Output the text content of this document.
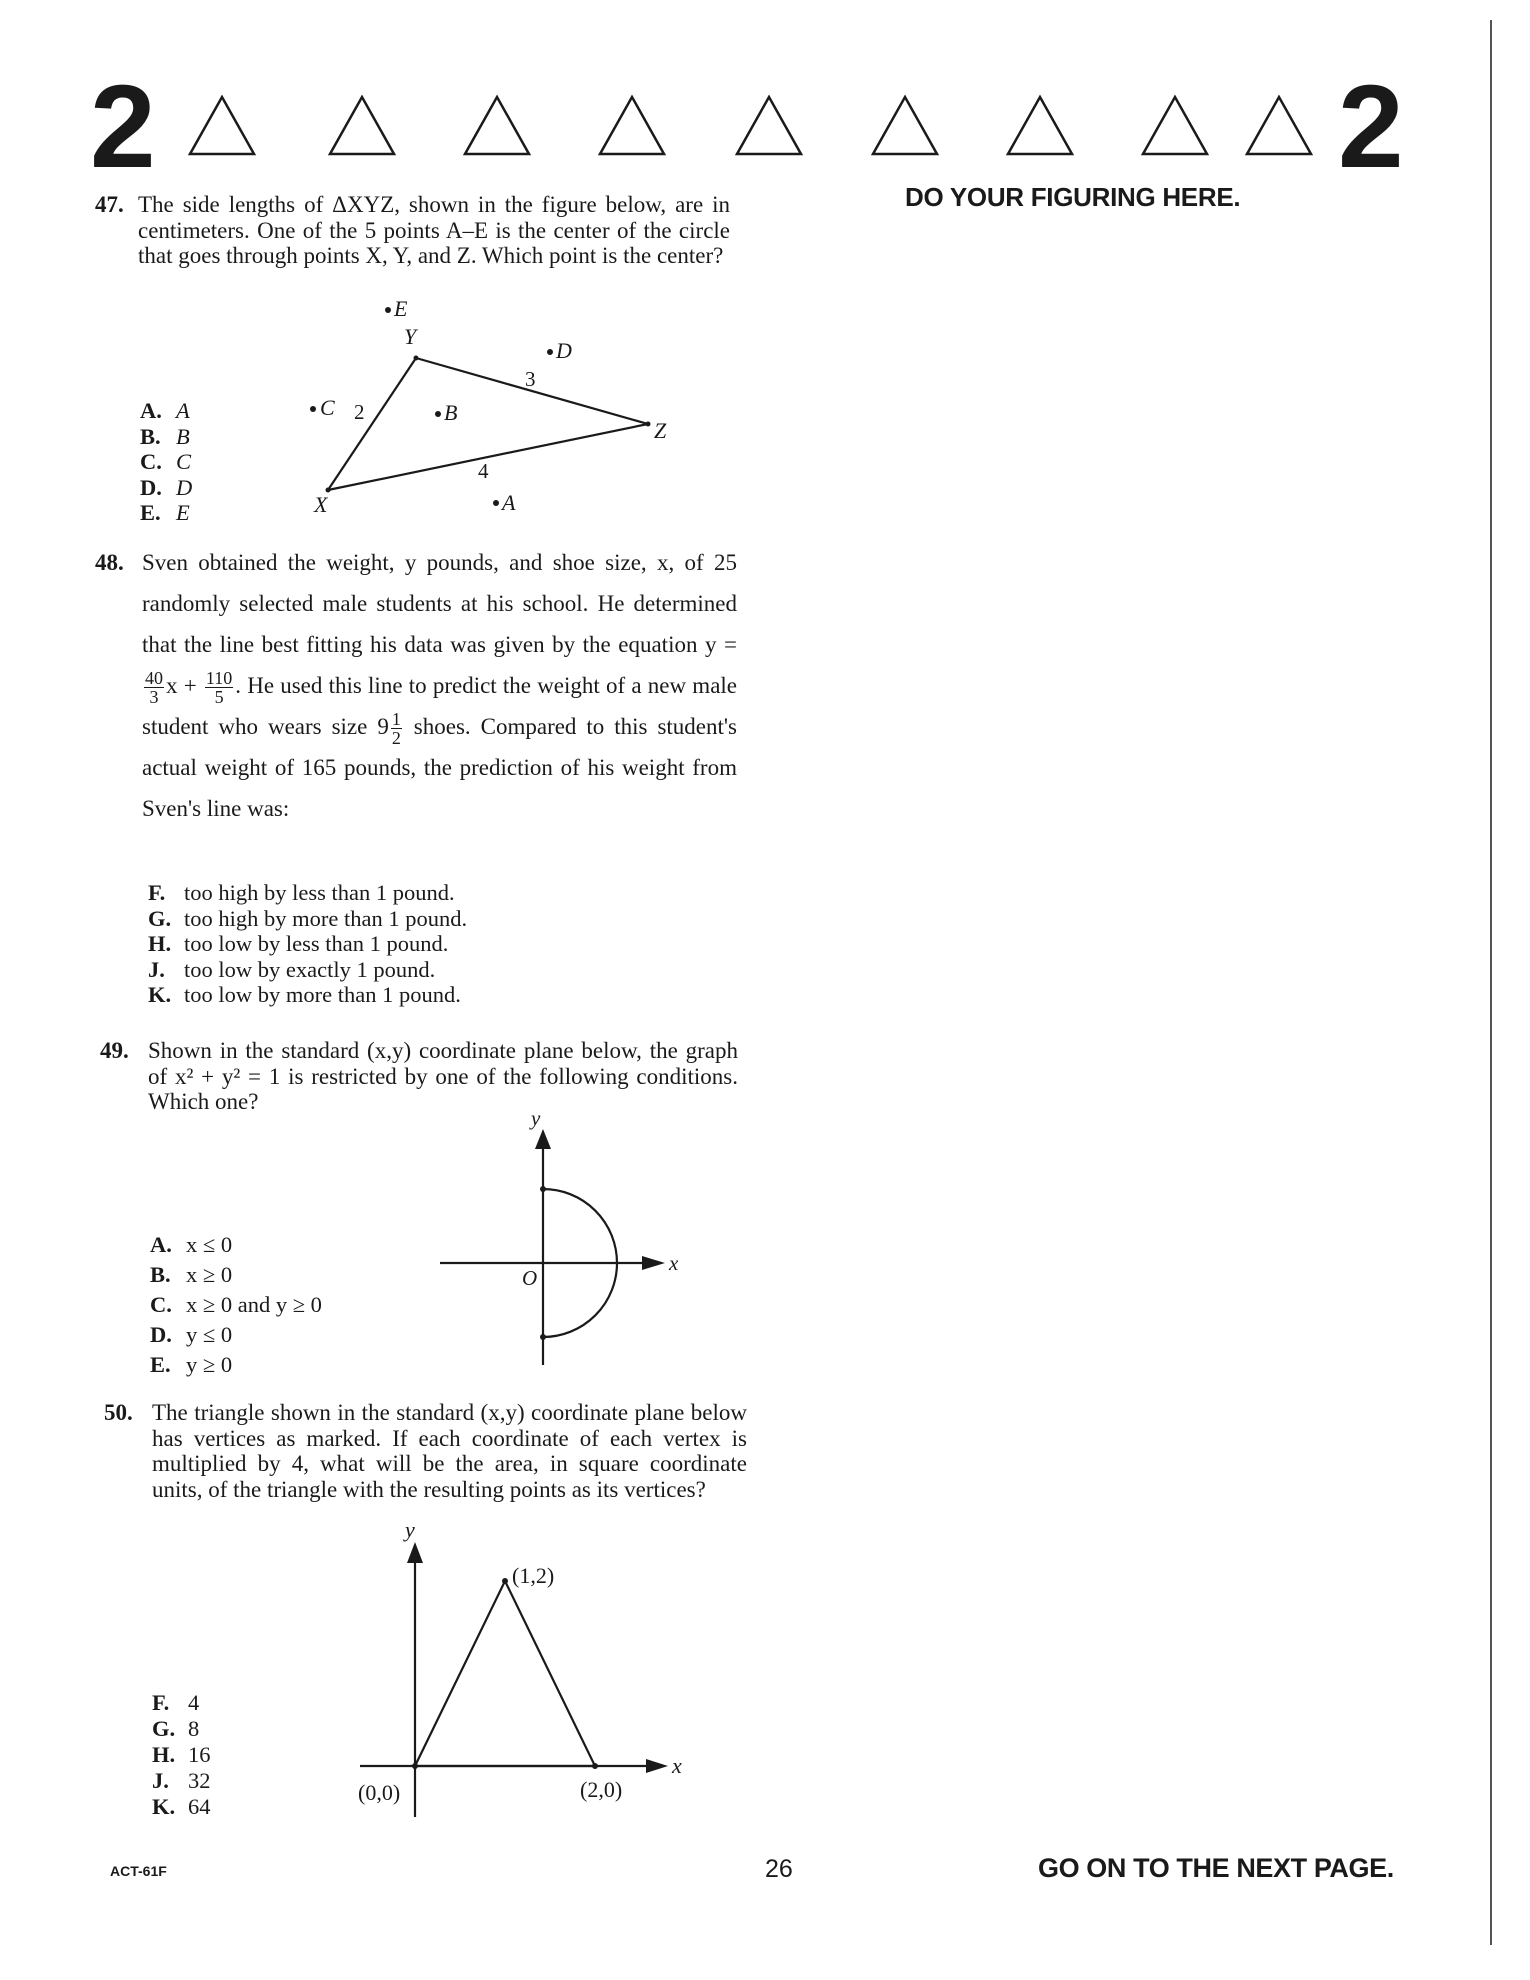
2	2
DO YOUR FIGURING HERE.
47. The side lengths of ΔXYZ, shown in the figure below, are in centimeters. One of the 5 points A–E is the center of the circle that goes through points X, Y, and Z. Which point is the center?
X
Y
Z
A
B
C
D
E
2
3
4
A. A
B. B
C. C
D. D
E. E
48. Sven obtained the weight, y pounds, and shoe size, x, of 25 randomly selected male students at his school. He determined that the line best fitting his data was given by the equation y =
$\frac{40}{3}$ $x + \frac{110}{5}$ . He used this line to predict the weight of a new male student who wears size $9 \frac{1}{2}$ shoes. Compared to this student's actual weight of 165 pounds, the prediction of his weight from Sven's line was:
F. too high by less than 1 pound.
G. too high by more than 1 pound.
H. too low by less than 1 pound.
J. too low by exactly 1 pound.
K. too low by more than 1 pound.
49. Shown in the standard (x,y) coordinate plane below, the graph of x² + y² = 1 is restricted by one of the following conditions. Which one?
y
x
O
A. x ≤ 0
B. x ≥ 0
C. x ≥ 0 and y ≥ 0
D. y ≤ 0
E. y ≥ 0
50. The triangle shown in the standard (x,y) coordinate plane below has vertices as marked. If each coordinate of each vertex is multiplied by 4, what will be the area, in square coordinate units, of the triangle with the resulting points as its vertices?
y
x
(0,0)
(1,2)
(2,0)
F. 4
G. 8
H. 16
J. 32
K. 64
ACT-61F	26	GO ON TO THE NEXT PAGE.
